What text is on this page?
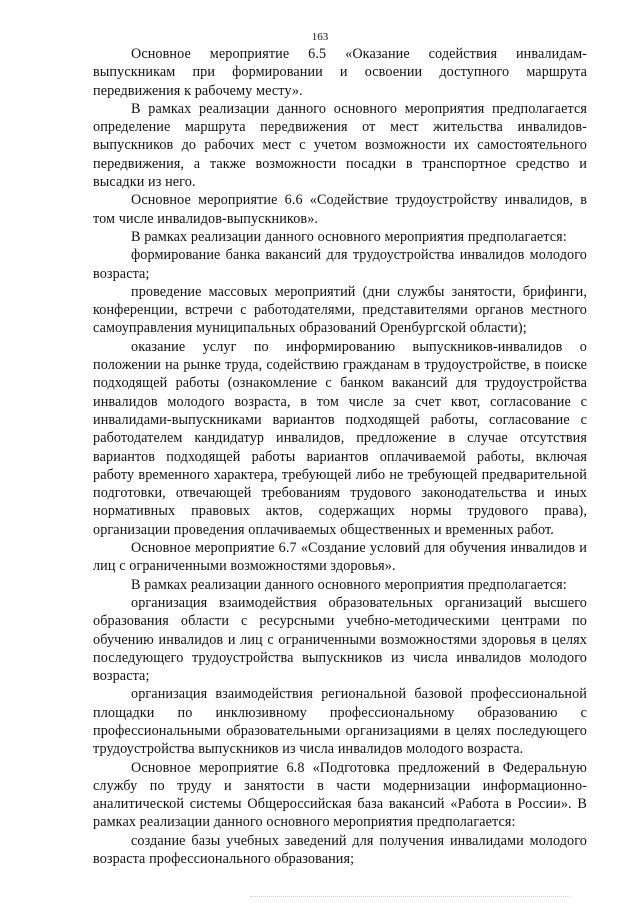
163

Основное мероприятие 6.5 «Оказание содействия инвалидам-выпускникам при формировании и освоении доступного маршрута передвижения к рабочему месту».

В рамках реализации данного основного мероприятия предполагается определение маршрута передвижения от мест жительства инвалидов-выпускников до рабочих мест с учетом возможности их самостоятельного передвижения, а также возможности посадки в транспортное средство и высадки из него.

Основное мероприятие 6.6 «Содействие трудоустройству инвалидов, в том числе инвалидов-выпускников».

В рамках реализации данного основного мероприятия предполагается:

формирование банка вакансий для трудоустройства инвалидов молодого возраста;

проведение массовых мероприятий (дни службы занятости, брифинги, конференции, встречи с работодателями, представителями органов местного самоуправления муниципальных образований Оренбургской области);

оказание услуг по информированию выпускников-инвалидов о положении на рынке труда, содействию гражданам в трудоустройстве, в поиске подходящей работы (ознакомление с банком вакансий для трудоустройства инвалидов молодого возраста, в том числе за счет квот, согласование с инвалидами-выпускниками вариантов подходящей работы, согласование с работодателем кандидатур инвалидов, предложение в случае отсутствия вариантов подходящей работы вариантов оплачиваемой работы, включая работу временного характера, требующей либо не требующей предварительной подготовки, отвечающей требованиям трудового законодательства и иных нормативных правовых актов, содержащих нормы трудового права), организации проведения оплачиваемых общественных и временных работ.

Основное мероприятие 6.7 «Создание условий для обучения инвалидов и лиц с ограниченными возможностями здоровья».

В рамках реализации данного основного мероприятия предполагается:

организация взаимодействия образовательных организаций высшего образования области с ресурсными учебно-методическими центрами по обучению инвалидов и лиц с ограниченными возможностями здоровья в целях последующего трудоустройства выпускников из числа инвалидов молодого возраста;

организация взаимодействия региональной базовой профессиональной площадки по инклюзивному профессиональному образованию с профессиональными образовательными организациями в целях последующего трудоустройства выпускников из числа инвалидов молодого возраста.

Основное мероприятие 6.8 «Подготовка предложений в Федеральную службу по труду и занятости в части модернизации информационно-аналитической системы Общероссийская база вакансий «Работа в России». В рамках реализации данного основного мероприятия предполагается:

создание базы учебных заведений для получения инвалидами молодого возраста профессионального образования;
